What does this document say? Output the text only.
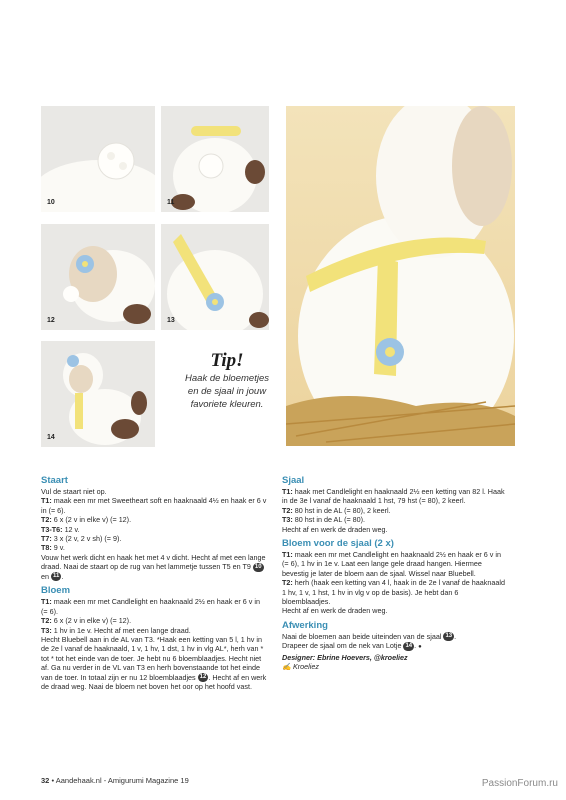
10	11
12	13
14
Tip!
Haak de bloemetjes
en de sjaal in jouw
favoriete kleuren.
Staart
Vul de staart niet op.
T1: maak een mr met Sweetheart soft en haaknaald 4½ en haak er 6 v in (= 6).
T2: 6 x (2 v in elke v) (= 12).
T3-T6: 12 v.
T7: 3 x (2 v, 2 v sh) (= 9).
T8: 9 v.
Vouw het werk dicht en haak het met 4 v dicht. Hecht af met een lange draad. Naai de staart op de rug van het lammetje tussen T5 en T9 10 en 11 .
Bloem
T1: maak een mr met Candlelight en haaknaald 2½ en haak er 6 v in (= 6).
T2: 6 x (2 v in elke v) (= 12).
T3: 1 hv in 1e v. Hecht af met een lange draad.
Hecht Bluebell aan in de AL van T3. *Haak een ketting van 5 l, 1 hv in de 2e l vanaf de haaknaald, 1 v, 1 hv, 1 dst, 1 hv in vlg AL*, herh van * tot * tot het einde van de toer. Je hebt nu 6 bloemblaadjes. Hecht niet af. Ga nu verder in de VL van T3 en herh bovenstaande tot het einde van de toer. In totaal zijn er nu 12 bloemblaadjes 12 . Hecht af en werk de draad weg. Naai de bloem net boven het oor op het hoofd vast.
Sjaal
T1: haak met Candlelight en haaknaald 2½ een ketting van 82 l. Haak in de 3e l vanaf de haaknaald 1 hst, 79 hst (= 80), 2 keerl.
T2: 80 hst in de AL (= 80), 2 keerl.
T3: 80 hst in de AL (= 80).
Hecht af en werk de draden weg.
Bloem voor de sjaal (2 x)
T1: maak een mr met Candlelight en haaknaald 2½ en haak er 6 v in (= 6), 1 hv in 1e v. Laat een lange gele draad hangen. Hiermee bevestig je later de bloem aan de sjaal. Wissel naar Bluebell.
T2: herh (haak een ketting van 4 l, haak in de 2e l vanaf de haaknaald 1 hv, 1 v, 1 hst, 1 hv in vlg v op de basis). Je hebt dan 6 bloemblaadjes.
Hecht af en werk de draden weg.
Afwerking
Naai de bloemen aan beide uiteinden van de sjaal 13 .
Drapeer de sjaal om de nek van Lotje 14 . ●
Designer: Ebrine Hoevers, @kroeliez
✍ Kroeliez
32 • Aandehaak.nl - Amigurumi Magazine 19	PassionForum.ru
